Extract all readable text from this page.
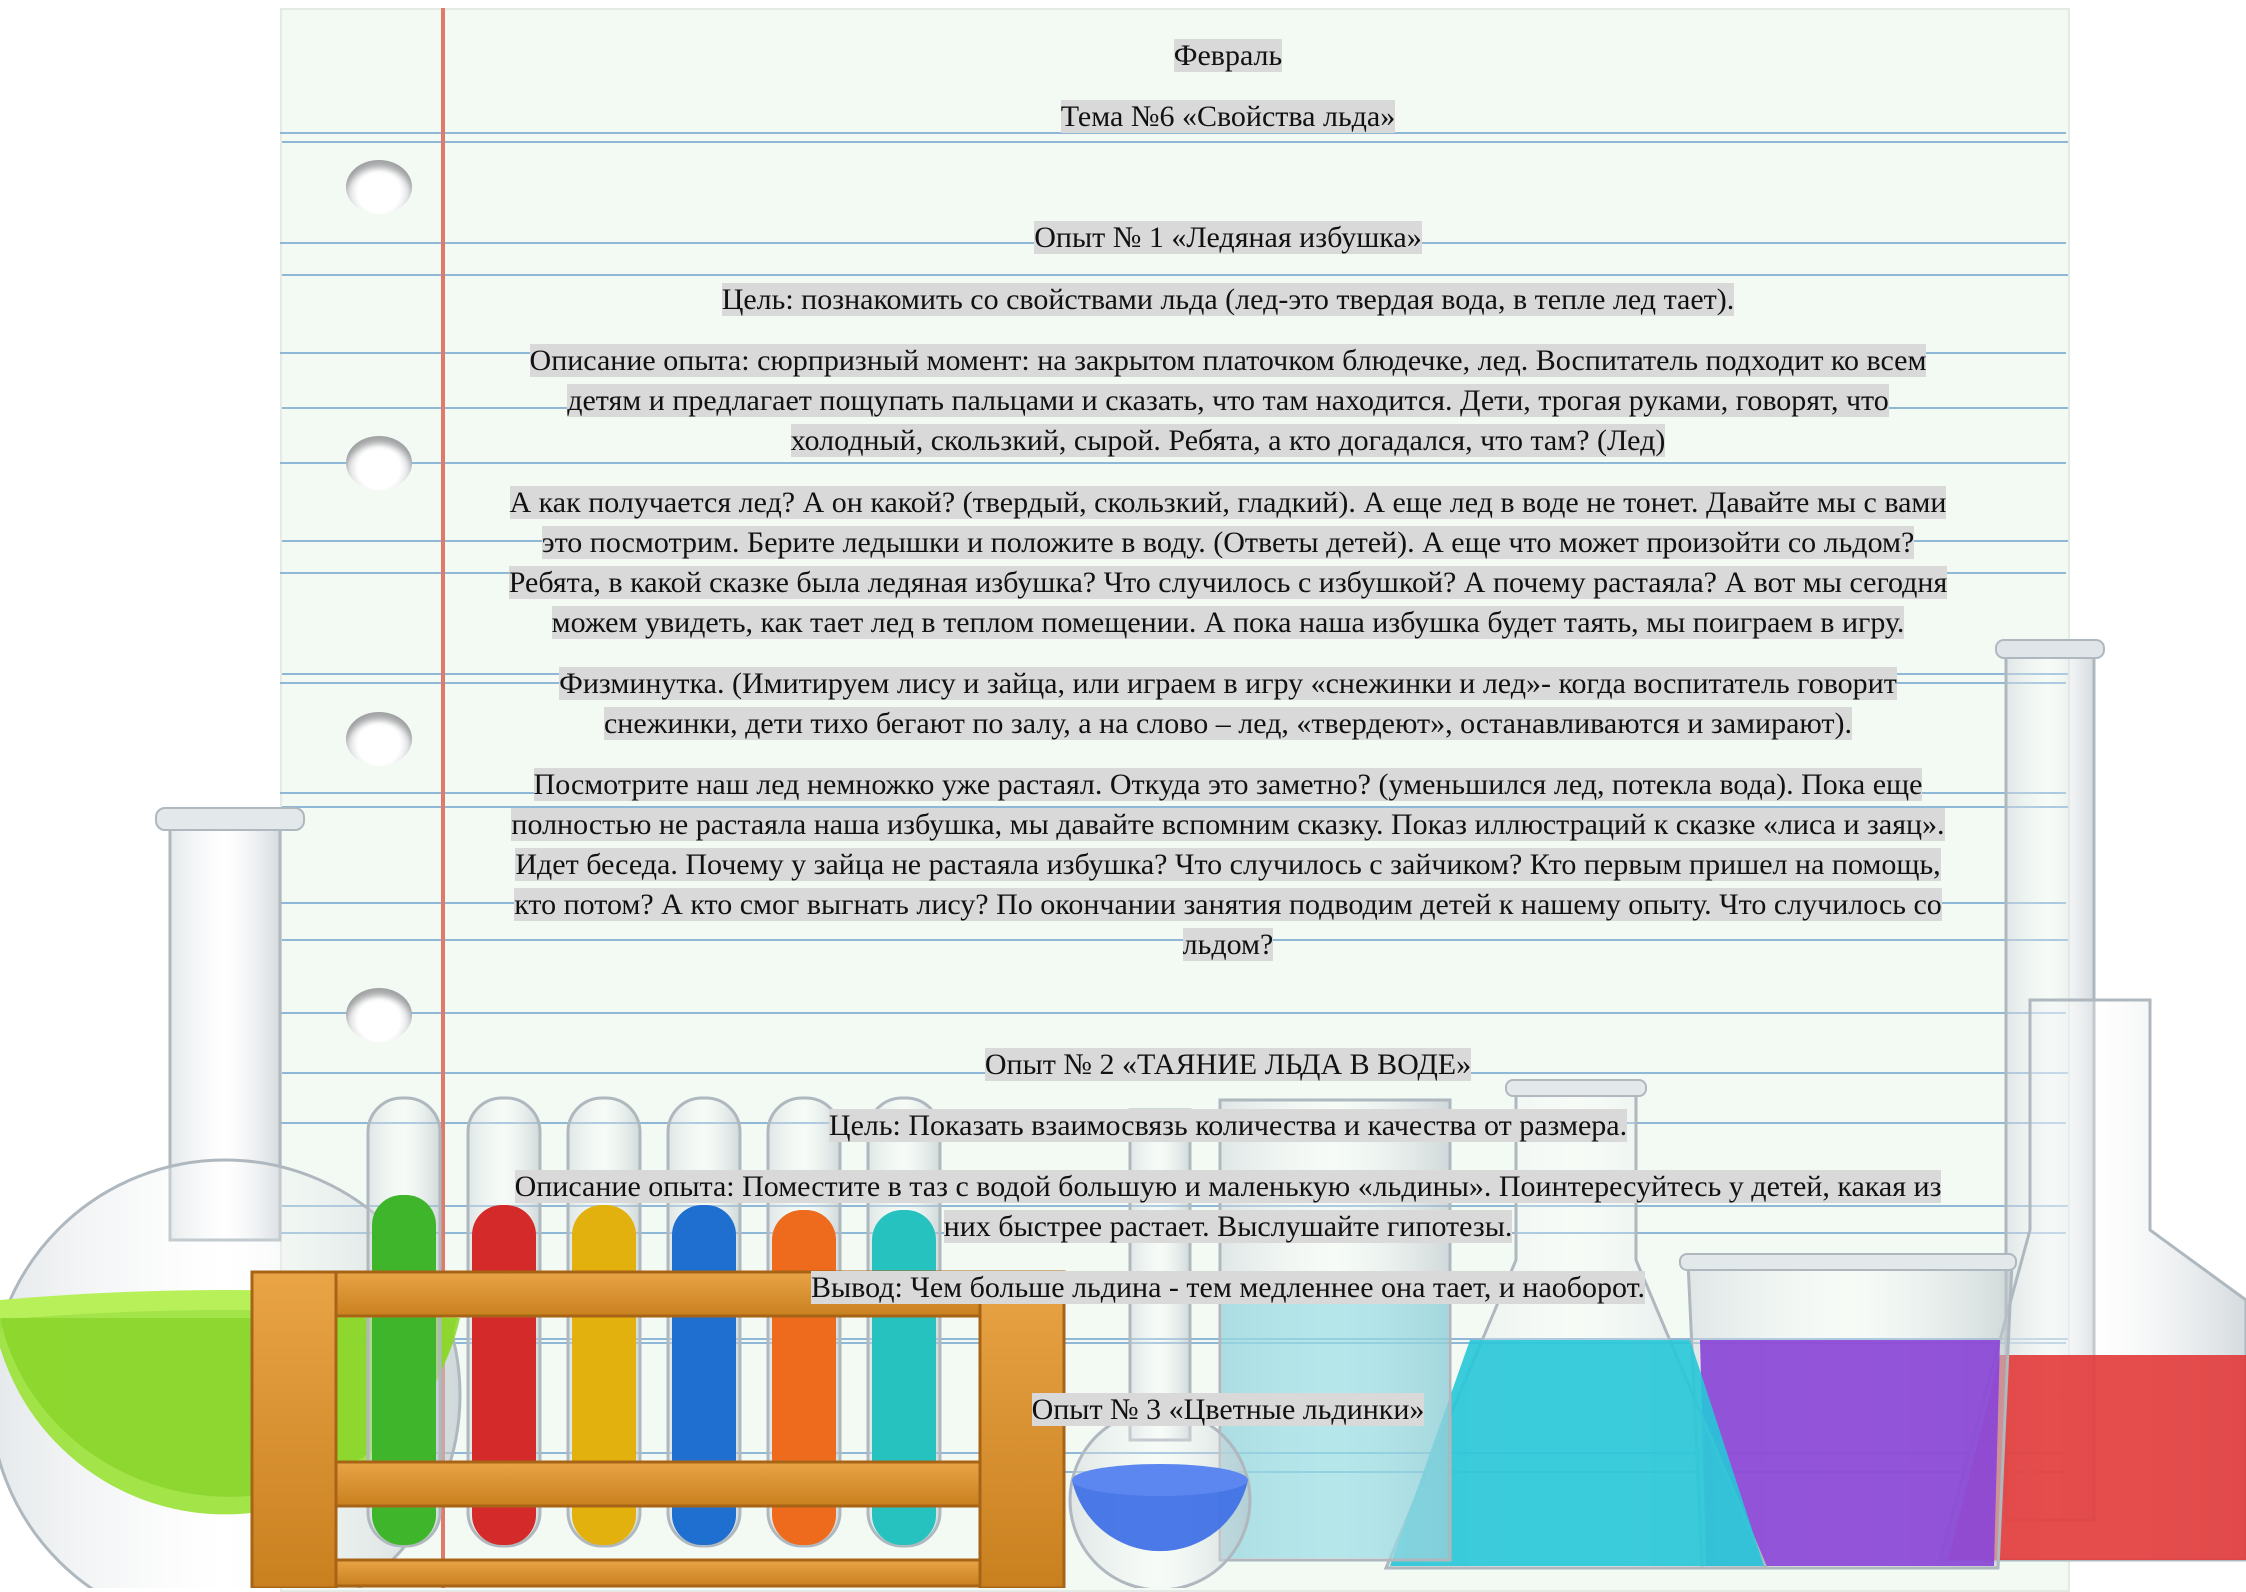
Февраль
Тема №6 «Свойства льда»
Опыт № 1 «Ледяная избушка»
Цель: познакомить со свойствами льда (лед-это твердая вода, в тепле лед тает).
Описание опыта: сюрпризный момент: на закрытом платочком блюдечке, лед. Воспитатель подходит ко всем
детям и предлагает пощупать пальцами и сказать, что там находится. Дети, трогая руками, говорят, что
холодный, скользкий, сырой. Ребята, а кто догадался, что там? (Лед)
А как получается лед? А он какой? (твердый, скользкий, гладкий). А еще лед в воде не тонет. Давайте мы с вами
это посмотрим. Берите ледышки и положите в воду. (Ответы детей). А еще что может произойти со льдом?
Ребята, в какой сказке была ледяная избушка? Что случилось с избушкой? А почему растаяла? А вот мы сегодня
можем увидеть, как тает лед в теплом помещении. А пока наша избушка будет таять, мы поиграем в игру.
Физминутка. (Имитируем лису и зайца, или играем в игру «снежинки и лед»- когда воспитатель говорит
снежинки, дети тихо бегают по залу, а на слово – лед, «твердеют», останавливаются и замирают).
Посмотрите наш лед немножко уже растаял. Откуда это заметно? (уменьшился лед, потекла вода). Пока еще
полностью не растаяла наша избушка, мы давайте вспомним сказку. Показ иллюстраций к сказке «лиса и заяц».
Идет беседа. Почему у зайца не растаяла избушка? Что случилось с зайчиком? Кто первым пришел на помощь,
кто потом? А кто смог выгнать лису? По окончании занятия подводим детей к нашему опыту. Что случилось со
льдом?
Опыт № 2 «ТАЯНИЕ ЛЬДА В ВОДЕ»
Цель: Показать взаимосвязь количества и качества от размера.
Описание опыта: Поместите в таз с водой большую и маленькую «льдины». Поинтересуйтесь у детей, какая из
них быстрее растает. Выслушайте гипотезы.
Вывод: Чем больше льдина - тем медленнее она тает, и наоборот.
Опыт № 3 «Цветные льдинки»
